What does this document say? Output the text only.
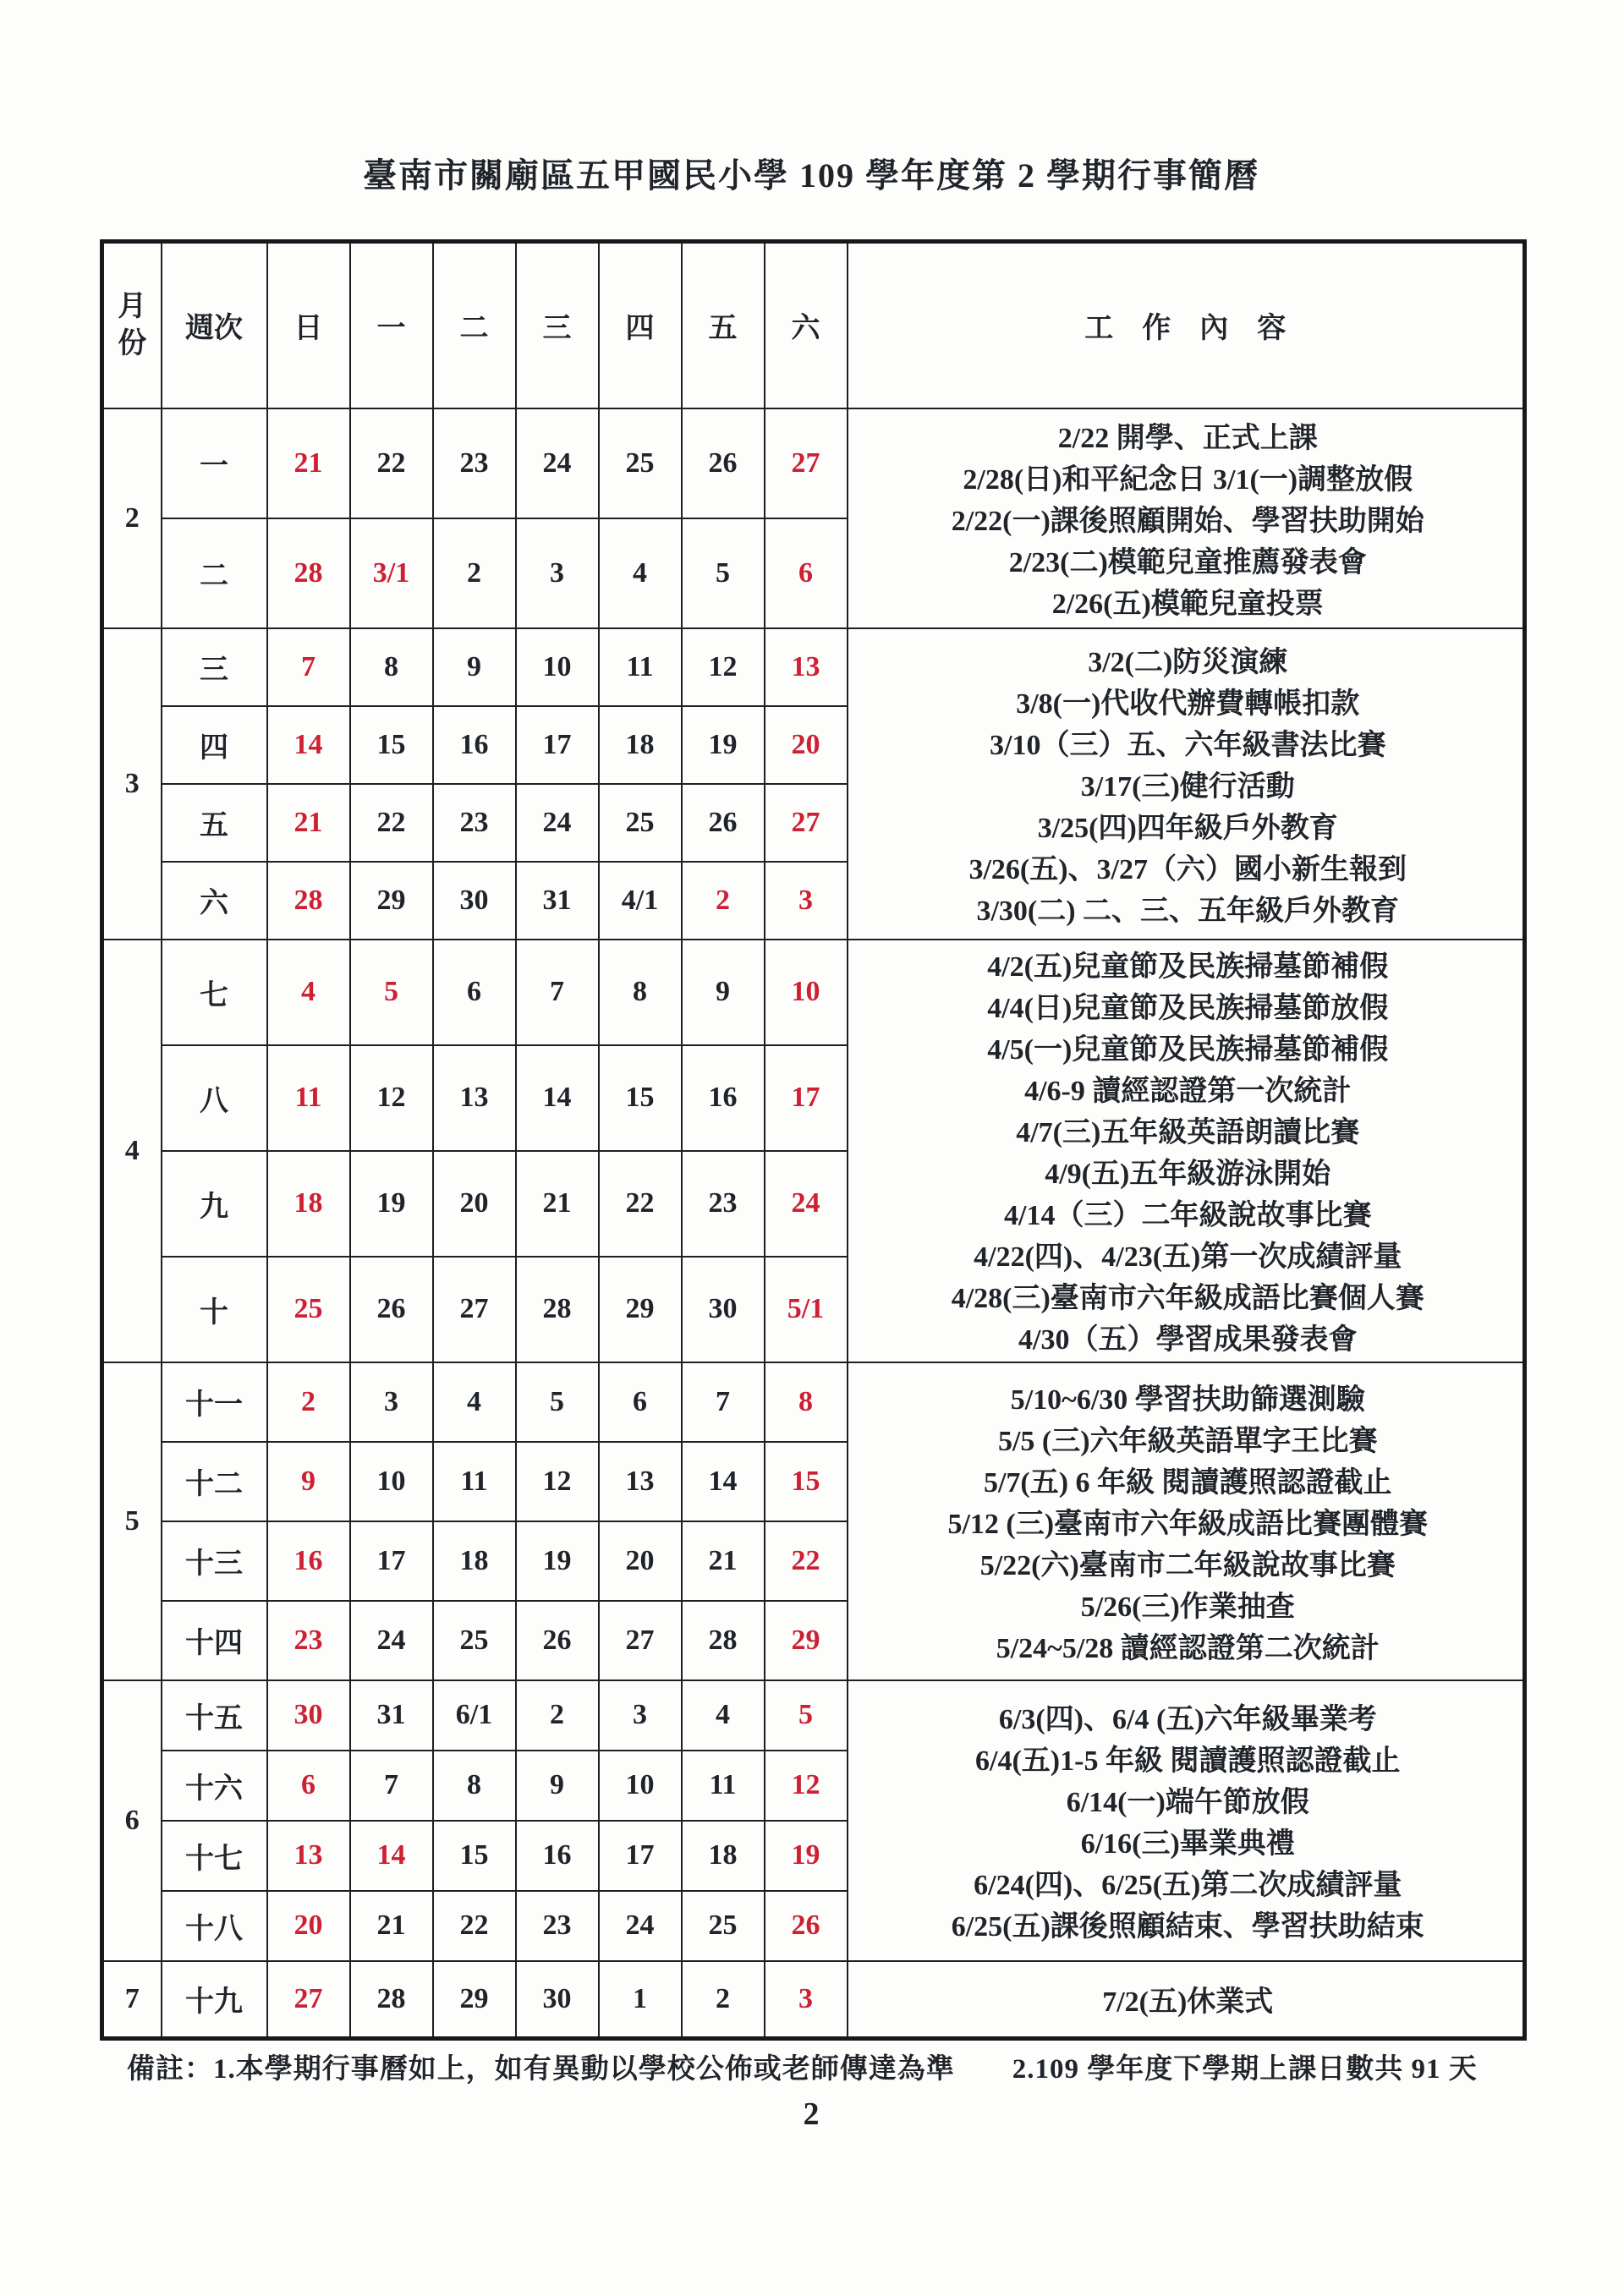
臺南市關廟區五甲國民小學 109 學年度第 2 學期行事簡曆
月
份	週次	日	一	二	三	四	五	六	工　作　內　容
2	一	21	22	23	24	25	26	27	2/22 開學、正式上課
2/28(日)和平紀念日 3/1(一)調整放假
2/22(一)課後照顧開始、學習扶助開始
2/23(二)模範兒童推薦發表會
2/26(五)模範兒童投票

	二	28	3/1	2	3	4	5	6	
3	三	7	8	9	10	11	12	13	3/2(二)防災演練
3/8(一)代收代辦費轉帳扣款
3/10（三）五、六年級書法比賽
3/17(三)健行活動
3/25(四)四年級戶外教育
3/26(五)、3/27（六）國小新生報到
3/30(二) 二、三、五年級戶外教育

	四	14	15	16	17	18	19	20	
	五	21	22	23	24	25	26	27	
	六	28	29	30	31	4/1	2	3	
4	七	4	5	6	7	8	9	10	
4/2(五)兒童節及民族掃墓節補假
4/4(日)兒童節及民族掃墓節放假
4/5(一)兒童節及民族掃墓節補假
4/6-9 讀經認證第一次統計
4/7(三)五年級英語朗讀比賽
4/9(五)五年級游泳開始
4/14（三）二年級說故事比賽
4/22(四)、4/23(五)第一次成績評量
4/28(三)臺南市六年級成語比賽個人賽
4/30（五）學習成果發表會

	八	11	12	13	14	15	16	17	
	九	18	19	20	21	22	23	24	
	十	25	26	27	28	29	30	5/1	
5	十一	2	3	4	5	6	7	8	5/10~6/30 學習扶助篩選測驗
5/5 (三)六年級英語單字王比賽
5/7(五) 6 年級 閱讀護照認證截止
5/12 (三)臺南市六年級成語比賽團體賽
5/22(六)臺南市二年級說故事比賽
5/26(三)作業抽查
5/24~5/28 讀經認證第二次統計

	十二	9	10	11	12	13	14	15	
	十三	16	17	18	19	20	21	22	
	十四	23	24	25	26	27	28	29	
6	十五	30	31	6/1	2	3	4	5	6/3(四)、6/4 (五)六年級畢業考
6/4(五)1-5 年級 閱讀護照認證截止
6/14(一)端午節放假
6/16(三)畢業典禮
6/24(四)、6/25(五)第二次成績評量
6/25(五)課後照顧結束、學習扶助結束

	十六	6	7	8	9	10	11	12	
	十七	13	14	15	16	17	18	19	
	十八	20	21	22	23	24	25	26	
7	十九	27	28	29	30	1	2	3	7/2(五)休業式
備註：1.本學期行事曆如上，如有異動以學校公佈或老師傳達為準　　2.109 學年度下學期上課日數共 91 天
2
